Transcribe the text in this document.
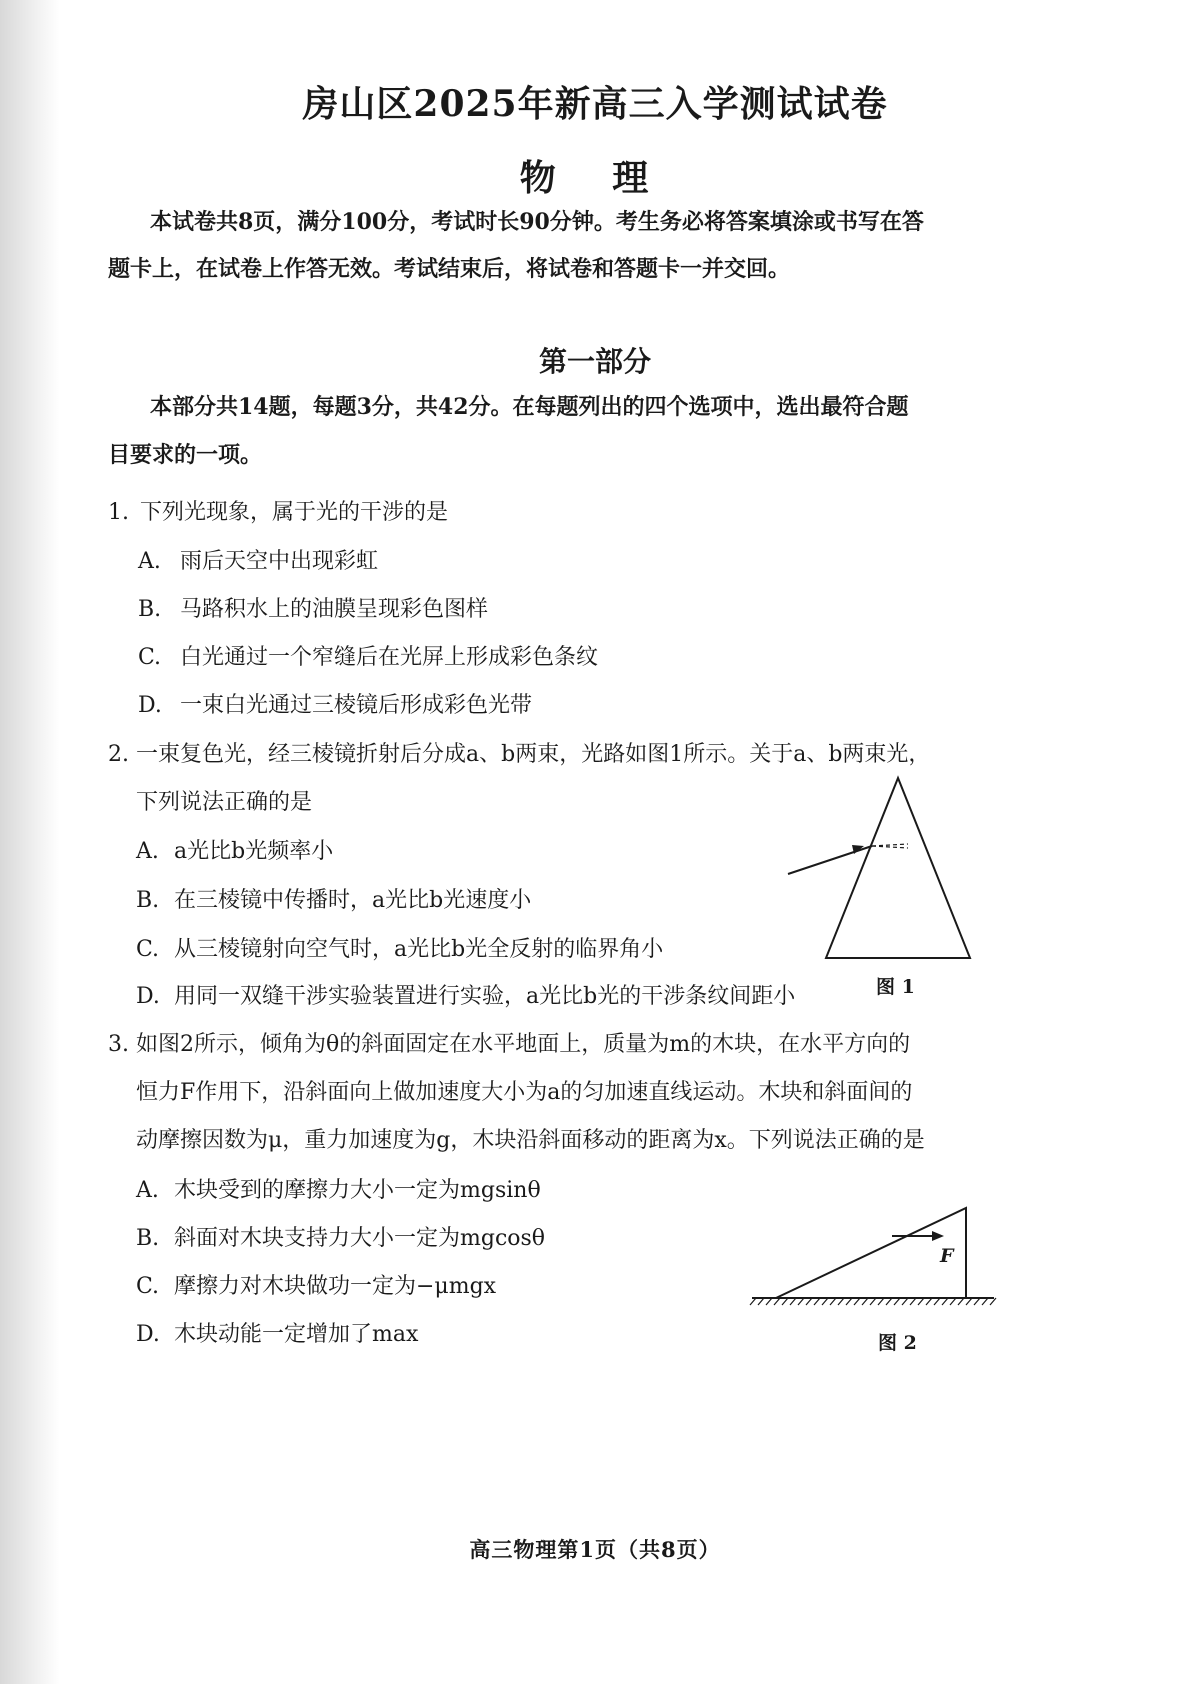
房山区2025年新高三入学测试试卷
物 理
本试卷共8页，满分100分，考试时长90分钟。考生务必将答案填涂或书写在答
题卡上，在试卷上作答无效。考试结束后，将试卷和答题卡一并交回。
第一部分
本部分共14题，每题3分，共42分。在每题列出的四个选项中，选出最符合题
目要求的一项。
1. 下列光现象，属于光的干涉的是
A. 雨后天空中出现彩虹
B. 马路积水上的油膜呈现彩色图样
C. 白光通过一个窄缝后在光屏上形成彩色条纹
D. 一束白光通过三棱镜后形成彩色光带
2. 一束复色光，经三棱镜折射后分成a、b两束，光路如图1所示。关于a、b两束光，
下列说法正确的是
A. a光比b光频率小
B. 在三棱镜中传播时，a光比b光速度小
C. 从三棱镜射向空气时，a光比b光全反射的临界角小
D. 用同一双缝干涉实验装置进行实验，a光比b光的干涉条纹间距小	图 1
3. 如图2所示，倾角为θ的斜面固定在水平地面上，质量为m的木块，在水平方向的
恒力F作用下，沿斜面向上做加速度大小为a的匀加速直线运动。木块和斜面间的
动摩擦因数为μ，重力加速度为g，木块沿斜面移动的距离为x。下列说法正确的是
A. 木块受到的摩擦力大小一定为mgsinθ
B. 斜面对木块支持力大小一定为mgcosθ
C. 摩擦力对木块做功一定为−μmgx
D. 木块动能一定增加了max
F
图 2
高三物理第1页（共8页）
